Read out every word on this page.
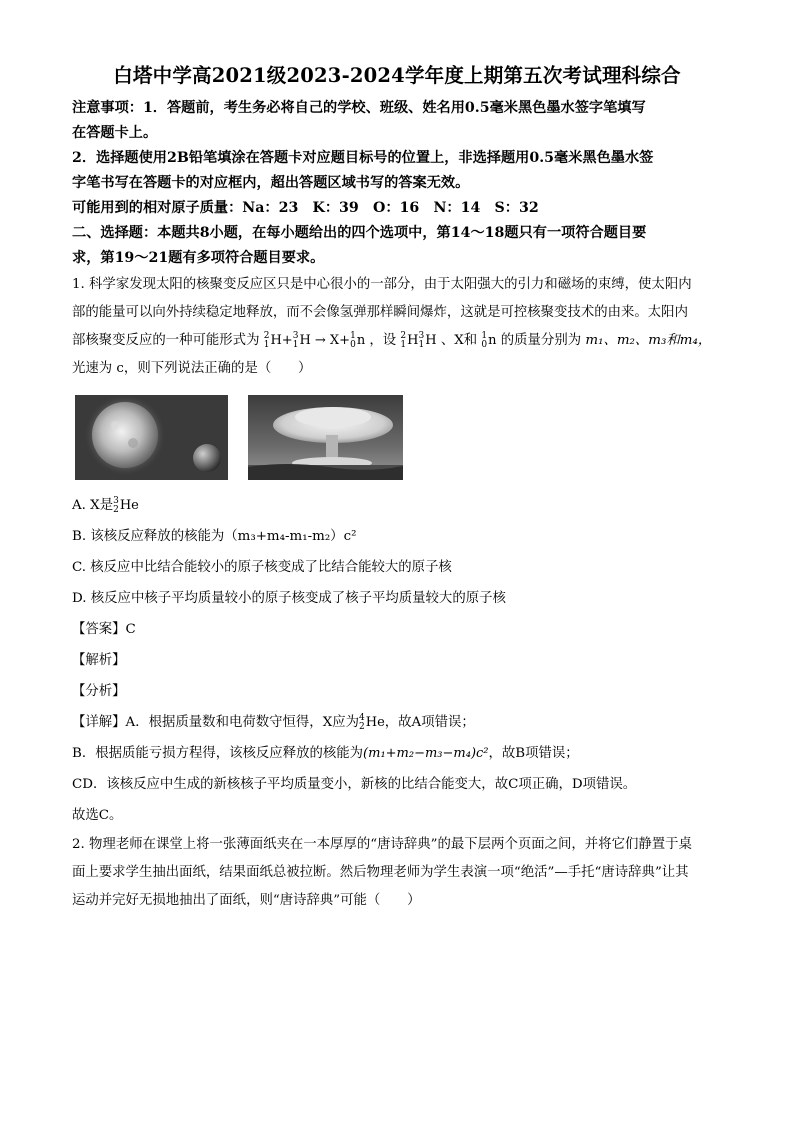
白塔中学高2021级2023-2024学年度上期第五次考试理科综合
注意事项：1．答题前，考生务必将自己的学校、班级、姓名用0.5毫米黑色墨水签字笔填写
在答题卡上。
2．选择题使用2B铅笔填涂在答题卡对应题目标号的位置上，非选择题用0.5毫米黑色墨水签
字笔书写在答题卡的对应框内，超出答题区域书写的答案无效。
可能用到的相对原子质量：Na：23　K：39　O：16　N：14　S：32
二、选择题：本题共8小题，在每小题给出的四个选项中，第14～18题只有一项符合题目要
求，第19～21题有多项符合题目要求。
1. 科学家发现太阳的核聚变反应区只是中心很小的一部分，由于太阳强大的引力和磁场的束缚，使太阳内
部的能量可以向外持续稳定地释放，而不会像氢弹那样瞬间爆炸，这就是可控核聚变技术的由来。太阳内
部核聚变反应的一种可能形式为 2
1 H+ 3
1 H → X+ 1
0 n ，设 2
1 H 3
1 H 、X和 1
0 n 的质量分别为 m₁、m₂、m₃和m₄，
光速为 c，则下列说法正确的是（　　）
A. X是 3
2 He
B. 该核反应释放的核能为（m₃+m₄-m₁-m₂）c²
C. 核反应中比结合能较小的原子核变成了比结合能较大的原子核
D. 核反应中核子平均质量较小的原子核变成了核子平均质量较大的原子核
【答案】C
【解析】
【分析】
【详解】A．根据质量数和电荷数守恒得，X应为 4
2 He，故A项错误；
B．根据质能亏损方程得，该核反应释放的核能为(m₁+m₂−m₃−m₄)c²，故B项错误；
CD．该核反应中生成的新核核子平均质量变小，新核的比结合能变大，故C项正确，D项错误。
故选C。
2. 物理老师在课堂上将一张薄面纸夹在一本厚厚的“唐诗辞典”的最下层两个页面之间，并将它们静置于桌
面上要求学生抽出面纸，结果面纸总被拉断。然后物理老师为学生表演一项“绝活”—手托“唐诗辞典”让其
运动并完好无损地抽出了面纸，则“唐诗辞典”可能（　　）
